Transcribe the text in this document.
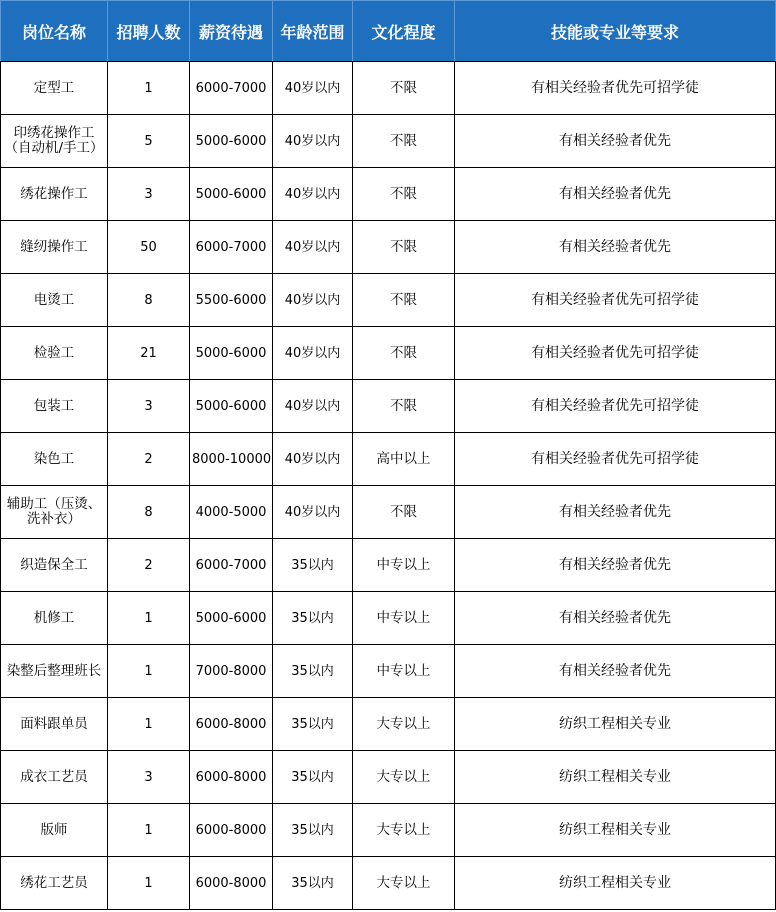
岗位名称	招聘人数	薪资待遇	年龄范围	文化程度	技能或专业等要求
定型工	1	6000-7000	40岁以内	不限	有相关经验者优先可招学徒
印绣花操作工（自动机/手工）	5	5000-6000	40岁以内	不限	有相关经验者优先
绣花操作工	3	5000-6000	40岁以内	不限	有相关经验者优先
缝纫操作工	50	6000-7000	40岁以内	不限	有相关经验者优先
电烫工	8	5500-6000	40岁以内	不限	有相关经验者优先可招学徒
检验工	21	5000-6000	40岁以内	不限	有相关经验者优先可招学徒
包装工	3	5000-6000	40岁以内	不限	有相关经验者优先可招学徒
染色工	2	8000-10000	40岁以内	高中以上	有相关经验者优先可招学徒
辅助工（压烫、洗补衣）	8	4000-5000	40岁以内	不限	有相关经验者优先
织造保全工	2	6000-7000	35以内	中专以上	有相关经验者优先
机修工	1	5000-6000	35以内	中专以上	有相关经验者优先
染整后整理班长	1	7000-8000	35以内	中专以上	有相关经验者优先
面料跟单员	1	6000-8000	35以内	大专以上	纺织工程相关专业
成衣工艺员	3	6000-8000	35以内	大专以上	纺织工程相关专业
版师	1	6000-8000	35以内	大专以上	纺织工程相关专业
绣花工艺员	1	6000-8000	35以内	大专以上	纺织工程相关专业
